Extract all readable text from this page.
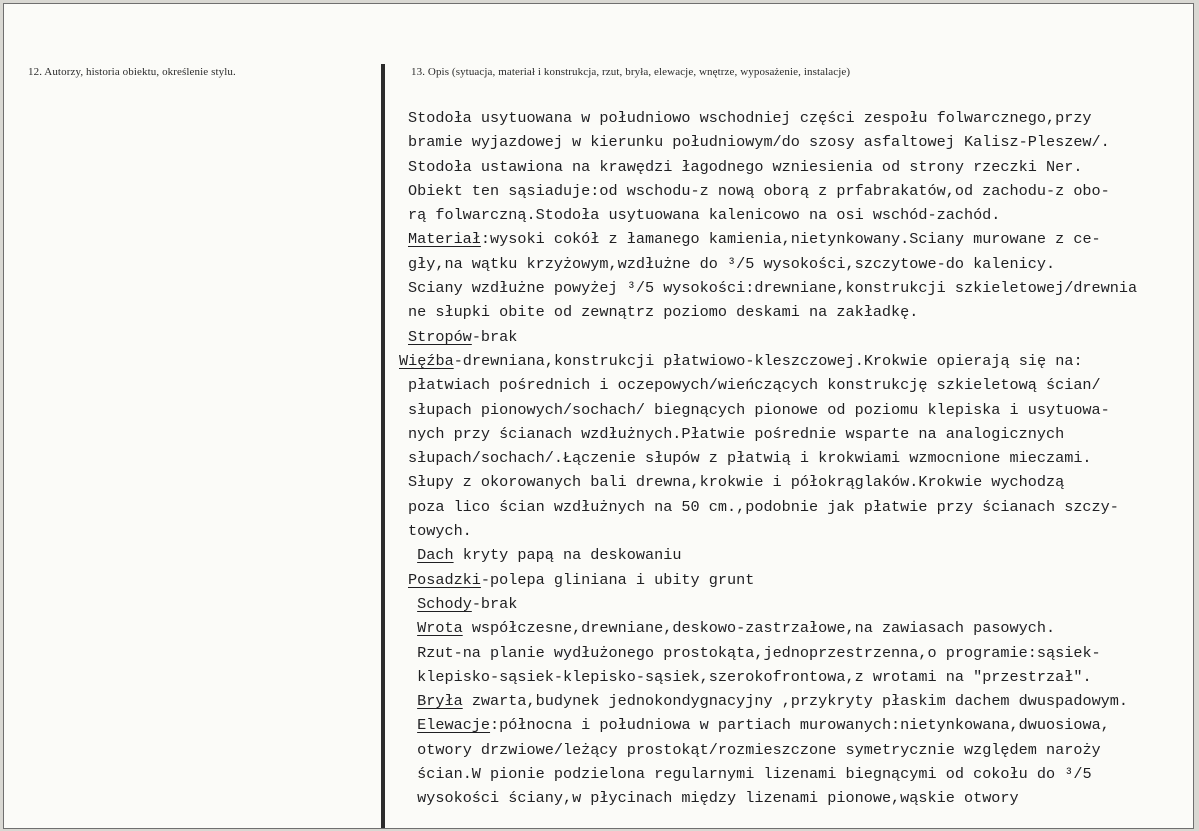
12. Autorzy, historia obiektu, określenie stylu.	13. Opis (sytuacja, materiał i konstrukcja, rzut, bryła, elewacje, wnętrze, wyposażenie, instalacje)
Stodoła usytuowana w południowo wschodniej części zespołu folwarcznego,przy
bramie wyjazdowej w kierunku południowym/do szosy asfaltowej Kalisz-Pleszew/.
Stodoła ustawiona na krawędzi łagodnego wzniesienia od strony rzeczki Ner.
Obiekt ten sąsiaduje:od wschodu-z nową oborą z prfabrakatów,od zachodu-z obo-
rą folwarczną.Stodoła usytuowana kalenicowo na osi wschód-zachód.
Materiał:wysoki cokół z łamanego kamienia,nietynkowany.Sciany murowane z ce-
gły,na wątku krzyżowym,wzdłużne do ³/5 wysokości,szczytowe-do kalenicy.
Sciany wzdłużne powyżej ³/5 wysokości:drewniane,konstrukcji szkieletowej/drewnia
ne słupki obite od zewnątrz poziomo deskami na zakładkę.
Stropów-brak
Więźba-drewniana,konstrukcji płatwiowo-kleszczowej.Krokwie opierają się na:
płatwiach pośrednich i oczepowych/wieńczących konstrukcję szkieletową ścian/
słupach pionowych/sochach/ biegnących pionowe od poziomu klepiska i usytuowa-
nych przy ścianach wzdłużnych.Płatwie pośrednie wsparte na analogicznych
słupach/sochach/.Łączenie słupów z płatwią i krokwiami wzmocnione mieczami.
Słupy z okorowanych bali drewna,krokwie i półokrąglaków.Krokwie wychodzą
poza lico ścian wzdłużnych na 50 cm.,podobnie jak płatwie przy ścianach szczy-
towych.
Dach kryty papą na deskowaniu
Posadzki-polepa gliniana i ubity grunt
Schody-brak
Wrota współczesne,drewniane,deskowo-zastrzałowe,na zawiasach pasowych.
Rzut-na planie wydłużonego prostokąta,jednoprzestrzenna,o programie:sąsiek-
klepisko-sąsiek-klepisko-sąsiek,szerokofrontowa,z wrotami na "przestrzał".
Bryła zwarta,budynek jednokondygnacyjny ,przykryty płaskim dachem dwuspadowym.
Elewacje:północna i południowa w partiach murowanych:nietynkowana,dwuosiowa,
otwory drzwiowe/leżący prostokąt/rozmieszczone symetrycznie względem naroży
ścian.W pionie podzielona regularnymi lizenami biegnącymi od cokołu do ³/5
wysokości ściany,w płycinach między lizenami pionowe,wąskie otwory
